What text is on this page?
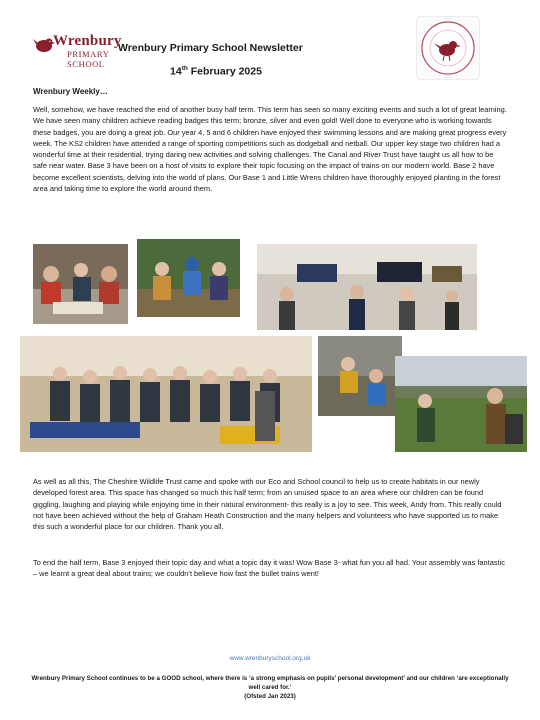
Wrenbury
PRIMARY SCHOOL
Wrenbury Primary School Newsletter
14th February 2025
Wrenbury Weekly…

Well, somehow, we have reached the end of another busy half term. This term has seen so many exciting events and such a lot of great learning. We have seen many children achieve reading badges this term; bronze, silver and even gold! Well done to everyone who is working towards these badges, you are doing a great job. Our year 4, 5 and 6 children have enjoyed their swimming lessons and are making great progress every week. The KS2 children have attended a range of sporting competitions such as dodgeball and netball. Our upper key stage two children had a wonderful time at their residential, trying daring new activities and solving challenges. The Canal and River Trust have taught us all how to be safe near water. Base 3 have been on a host of visits to explore their topic focusing on the impact of trains on our modern world. Base 2 have become excellent scientists, delving into the world of plans. Our Base 1 and Little Wrens children have thoroughly enjoyed planting in the forest area and taking time to explore the world around them.

As well as all this, The Cheshire Wildlife Trust came and spoke with our Eco and School council to help us to create habitats in our newly developed forest area. This space has changed so much this half term; from an unused space to an area where our children can be found giggling, laughing and playing while enjoying time in their natural environment- this really is a joy to see. This week, Andy from. This really could not have been achieved without the help of Graham Heath Construction and the many helpers and volunteers who have supported us to make this such a wonderful place for our children. Thank you all.

To end the half term, Base 3 enjoyed their topic day and what a topic day it was! Wow Base 3- what fun you all had. Your assembly was fantastic – we learnt a great deal about trains; we couldn’t believe how fast the bullet trains went!

www.wrenburyschool.org.uk
Wrenbury Primary School continues to be a GOOD school, where there is ‘a strong emphasis on pupils’ personal development’ and our children ‘are exceptionally well cared for.’
(Ofsted Jan 2023)
